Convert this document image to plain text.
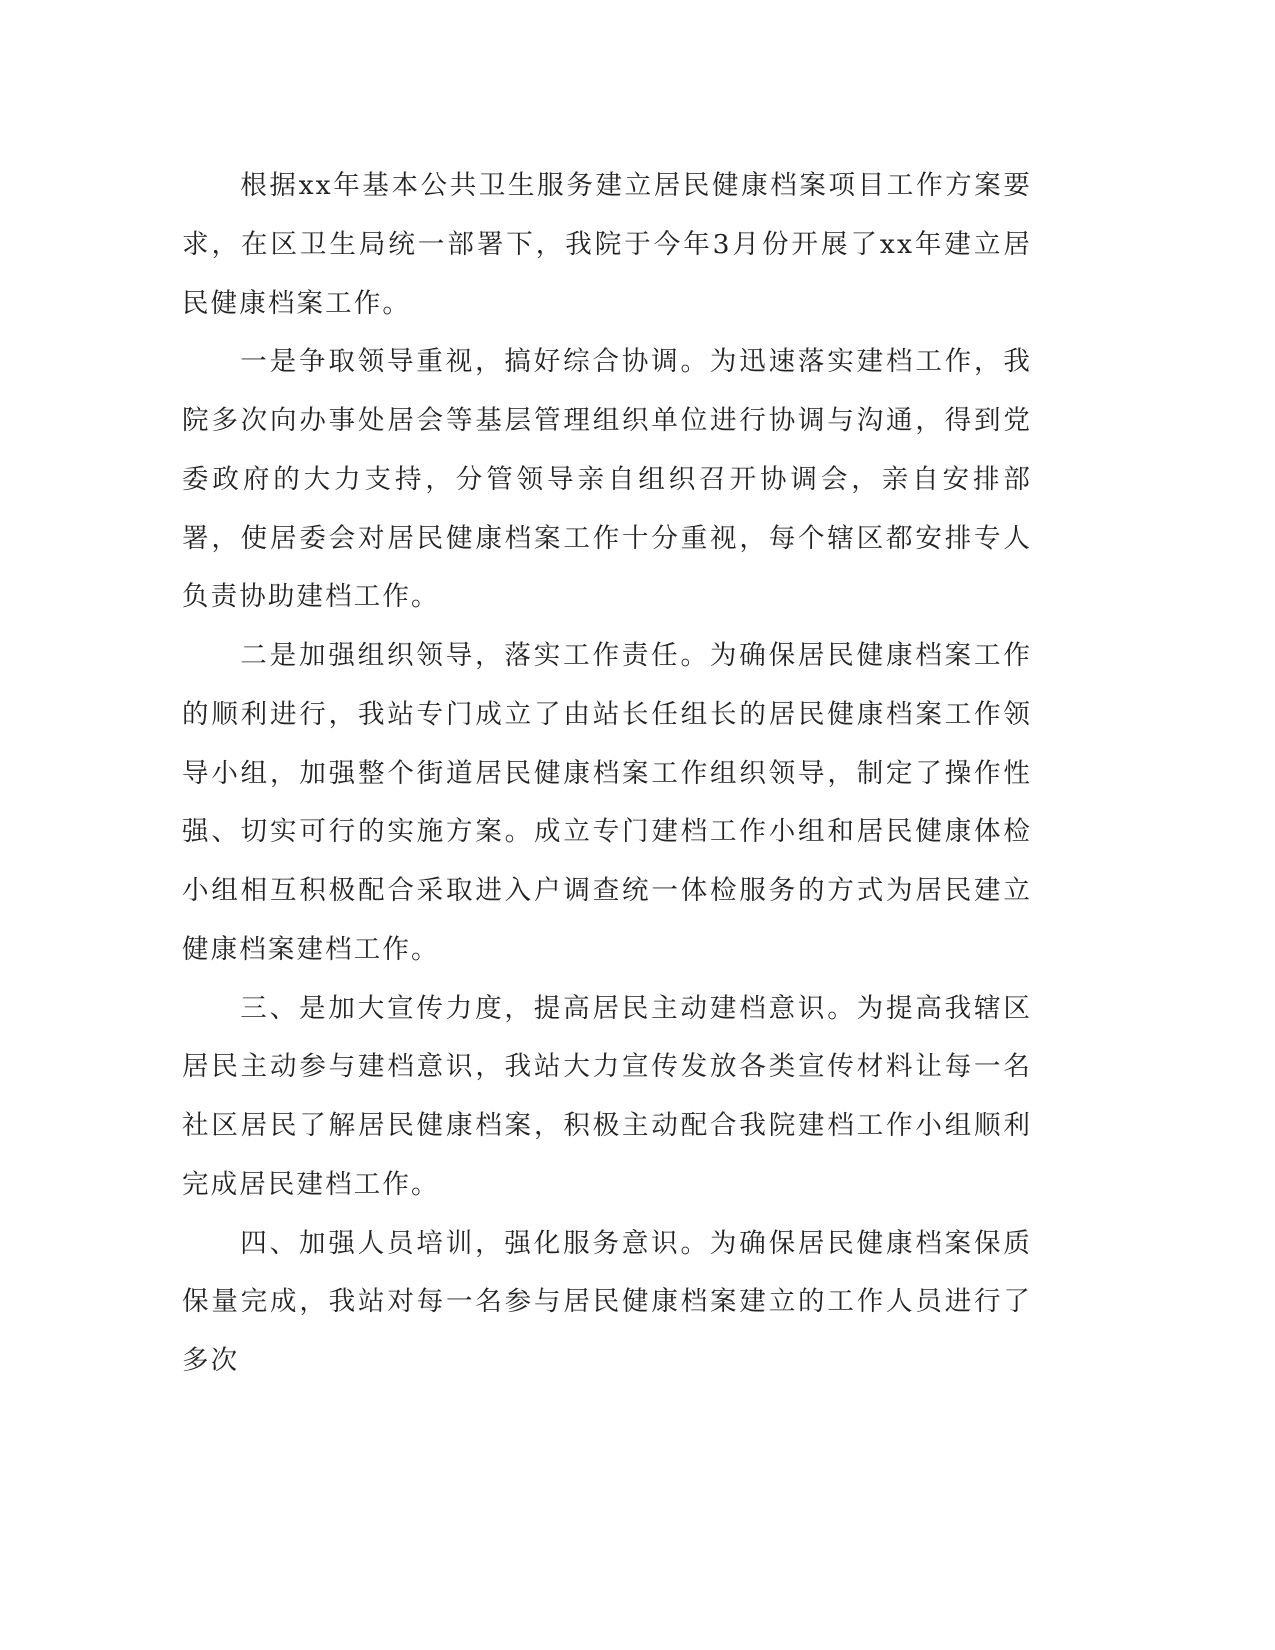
根据xx年基本公共卫生服务建立居民健康档案项目工作方案要求，在区卫生局统一部署下，我院于今年3月份开展了xx年建立居民健康档案工作。

一是争取领导重视，搞好综合协调。为迅速落实建档工作，我院多次向办事处居会等基层管理组织单位进行协调与沟通，得到党委政府的大力支持，分管领导亲自组织召开协调会，亲自安排部署，使居委会对居民健康档案工作十分重视，每个辖区都安排专人负责协助建档工作。

二是加强组织领导，落实工作责任。为确保居民健康档案工作的顺利进行，我站专门成立了由站长任组长的居民健康档案工作领导小组，加强整个街道居民健康档案工作组织领导，制定了操作性强、切实可行的实施方案。成立专门建档工作小组和居民健康体检小组相互积极配合采取进入户调查统一体检服务的方式为居民建立健康档案建档工作。

三、是加大宣传力度，提高居民主动建档意识。为提高我辖区居民主动参与建档意识，我站大力宣传发放各类宣传材料让每一名社区居民了解居民健康档案，积极主动配合我院建档工作小组顺利完成居民建档工作。

四、加强人员培训，强化服务意识。为确保居民健康档案保质保量完成，我站对每一名参与居民健康档案建立的工作人员进行了多次
